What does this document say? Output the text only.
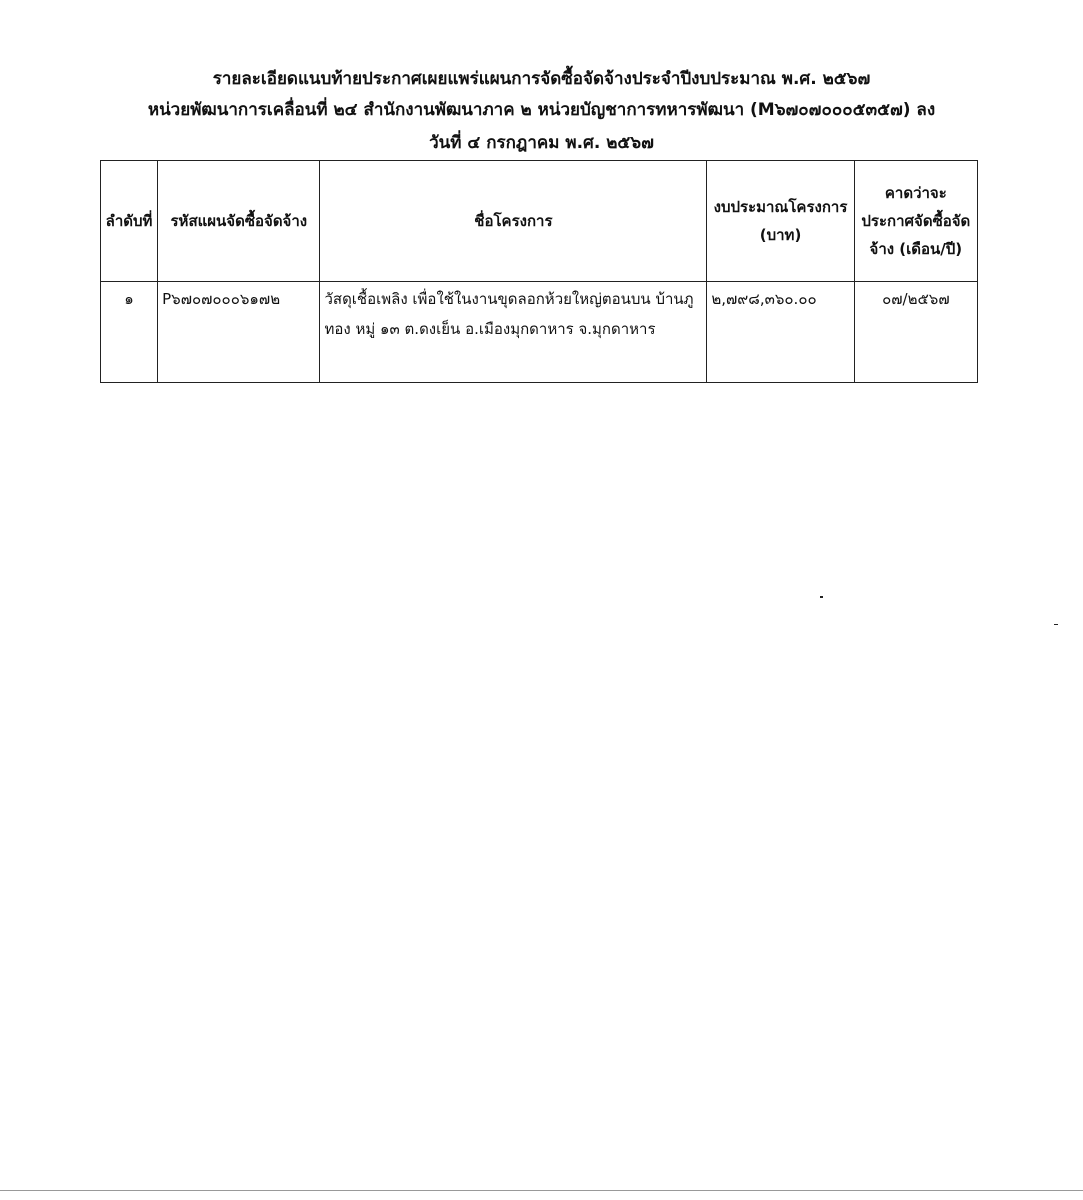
รายละเอียดแนบท้ายประกาศเผยแพร่แผนการจัดซื้อจัดจ้างประจำปีงบประมาณ พ.ศ. ๒๕๖๗
หน่วยพัฒนาการเคลื่อนที่ ๒๔ สำนักงานพัฒนาภาค ๒ หน่วยบัญชาการทหารพัฒนา (M๖๗๐๗๐๐๐๕๓๕๗) ลง
วันที่ ๔ กรกฎาคม พ.ศ. ๒๕๖๗
ลำดับที่	รหัสแผนจัดซื้อจัดจ้าง	ชื่อโครงการ	งบประมาณโครงการ (บาท)	คาดว่าจะประกาศจัดซื้อจัดจ้าง (เดือน/ปี)
๑	P๖๗๐๗๐๐๐๖๑๗๒	วัสดุเชื้อเพลิง เพื่อใช้ในงานขุดลอกห้วยใหญ่ตอนบน บ้านภูทอง หมู่ ๑๓ ต.ดงเย็น อ.เมืองมุกดาหาร จ.มุกดาหาร	๒,๗๙๘,๓๖๐.๐๐	๐๗/๒๕๖๗
